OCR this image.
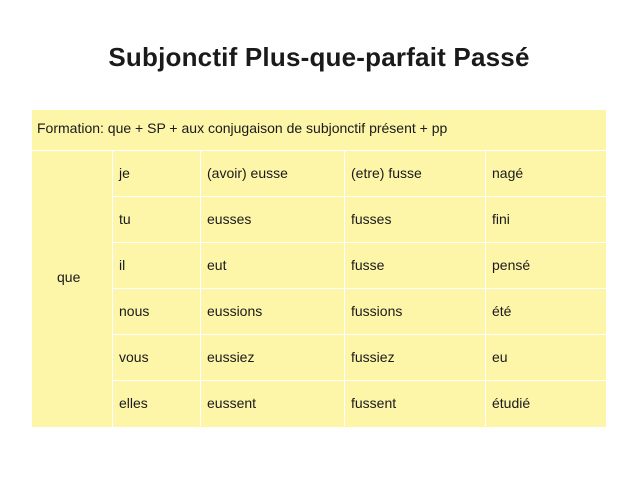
Subjonctif Plus-que-parfait Passé
Formation: que + SP + aux conjugaison de subjonctif présent + pp
que
je	(avoir) eusse	(etre) fusse	nagé
tu	eusses	fusses	fini
il	eut	fusse	pensé
nous	eussions	fussions	été
vous	eussiez	fussiez	eu
elles	eussent	fussent	étudié
